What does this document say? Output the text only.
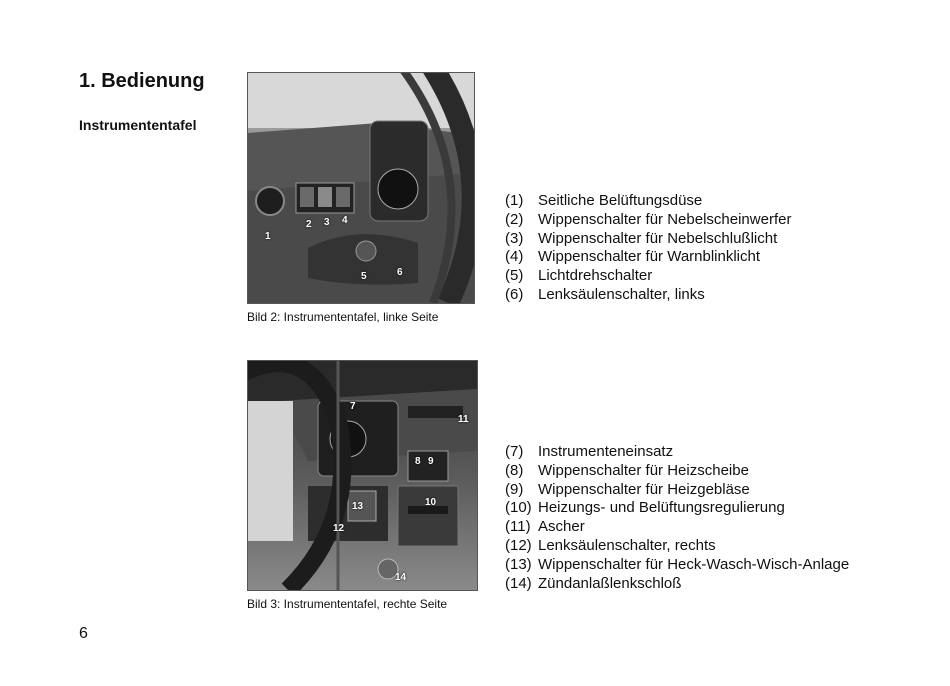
1. Bedienung
Instrumententafel
1
2 3 4
5	6
Bild 2: Instrumententafel, linke Seite
(1) Seitliche Belüftungsdüse
(2) Wippenschalter für Nebelscheinwerfer
(3) Wippenschalter für Nebelschlußlicht
(4) Wippenschalter für Warnblinklicht
(5) Lichtdrehschalter
(6) Lenksäulenschalter, links
7
8 9
10
11
12
13
14
Bild 3: Instrumententafel, rechte Seite
(7) Instrumenteneinsatz
(8) Wippenschalter für Heizscheibe
(9) Wippenschalter für Heizgebläse
(10) Heizungs- und Belüftungsregulierung
(11) Ascher
(12) Lenksäulenschalter, rechts
(13) Wippenschalter für Heck-Wasch-Wisch-Anlage
(14) Zündanlaßlenkschloß
6
